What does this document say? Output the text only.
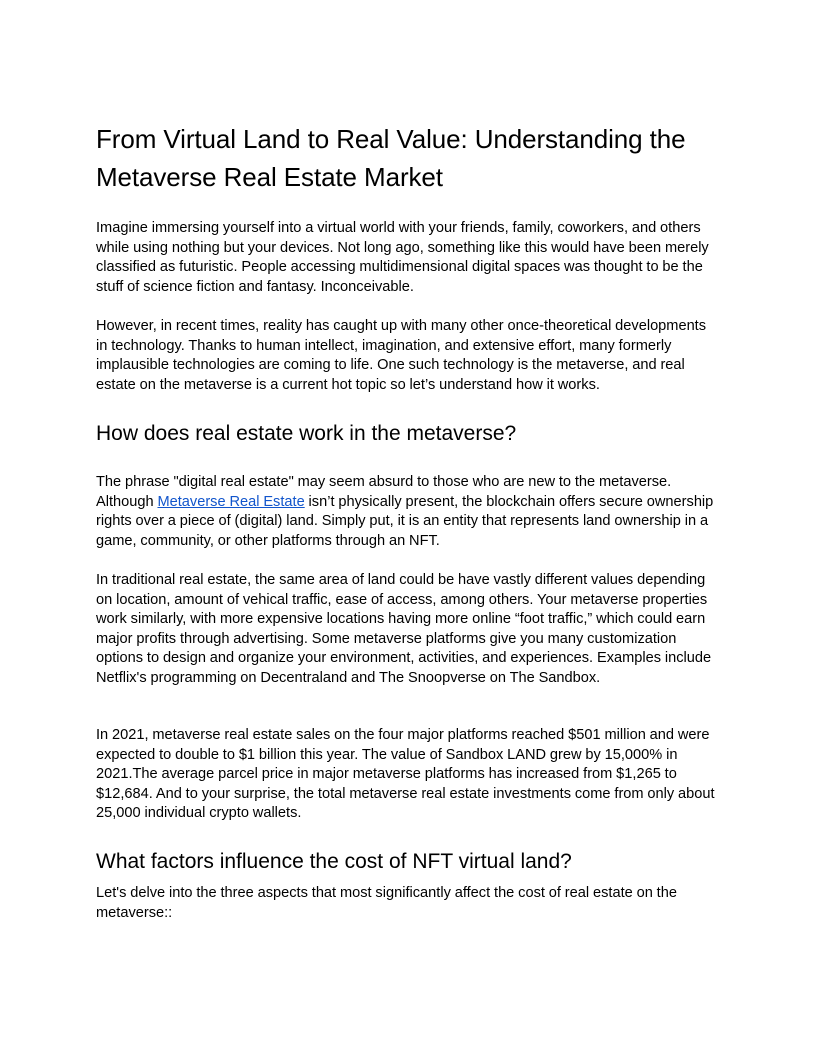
From Virtual Land to Real Value: Understanding the Metaverse Real Estate Market

Imagine immersing yourself into a virtual world with your friends, family, coworkers, and others while using nothing but your devices. Not long ago, something like this would have been merely classified as futuristic. People accessing multidimensional digital spaces was thought to be the stuff of science fiction and fantasy. Inconceivable.

However, in recent times, reality has caught up with many other once-theoretical developments in technology. Thanks to human intellect, imagination, and extensive effort, many formerly implausible technologies are coming to life. One such technology is the metaverse, and real estate on the metaverse is a current hot topic so let’s understand how it works.

How does real estate work in the metaverse?

The phrase "digital real estate" may seem absurd to those who are new to the metaverse. Although Metaverse Real Estate isn’t physically present, the blockchain offers secure ownership rights over a piece of (digital) land. Simply put, it is an entity that represents land ownership in a game, community, or other platforms through an NFT.

In traditional real estate, the same area of land could be have vastly different values depending on location, amount of vehical traffic, ease of access, among others. Your metaverse properties work similarly, with more expensive locations having more online “foot traffic,” which could earn major profits through advertising. Some metaverse platforms give you many customization options to design and organize your environment, activities, and experiences. Examples include Netflix's programming on Decentraland and The Snoopverse on The Sandbox.

In 2021, metaverse real estate sales on the four major platforms reached $501 million and were expected to double to $1 billion this year. The value of Sandbox LAND grew by 15,000% in 2021.The average parcel price in major metaverse platforms has increased from $1,265 to $12,684. And to your surprise, the total metaverse real estate investments come from only about 25,000 individual crypto wallets.

What factors influence the cost of NFT virtual land?

Let's delve into the three aspects that most significantly affect the cost of real estate on the metaverse::
